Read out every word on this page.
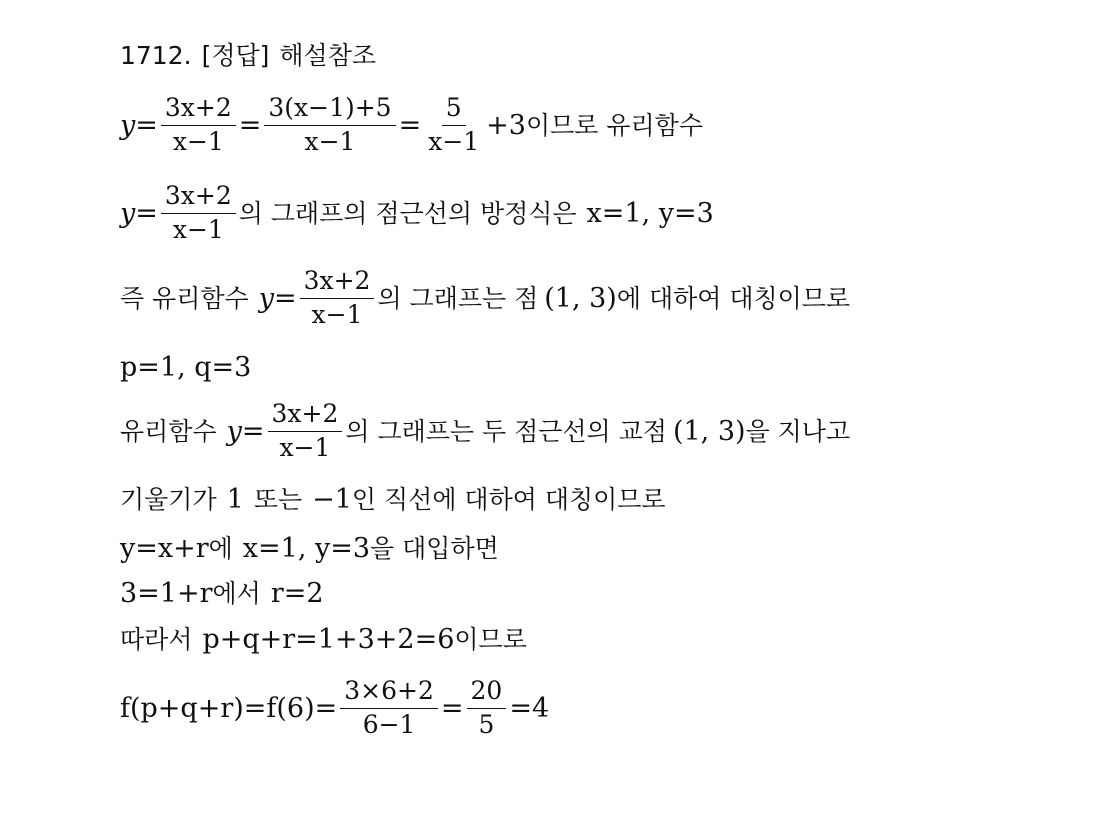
1712. [정답] 해설참조
$y= \frac{3x+2}{x-1} = \frac{3(x-1)+5}{x-1} = \frac{5}{x-1} +3$ 이므로 유리함수
$y= \frac{3x+2}{x-1}$ 의 그래프의 점근선의 방정식은 x=1, y=3
즉 유리함수 $y= \frac{3x+2}{x-1}$ 의 그래프는 점 (1, 3) 에 대하여 대칭이므로
p=1, q=3
유리함수 $y= \frac{3x+2}{x-1}$ 의 그래프는 두 점근선의 교점 (1, 3) 을 지나고
기울기가 1 또는 −1 인 직선에 대하여 대칭이므로
y=x+r 에 x=1, y=3 을 대입하면
3=1+r 에서 r=2
따라서 p+q+r=1+3+2=6 이므로
$f(p+q+r)=f(6)= \frac{3\times 6+2}{6-1} = \frac{20}{5} =4$
